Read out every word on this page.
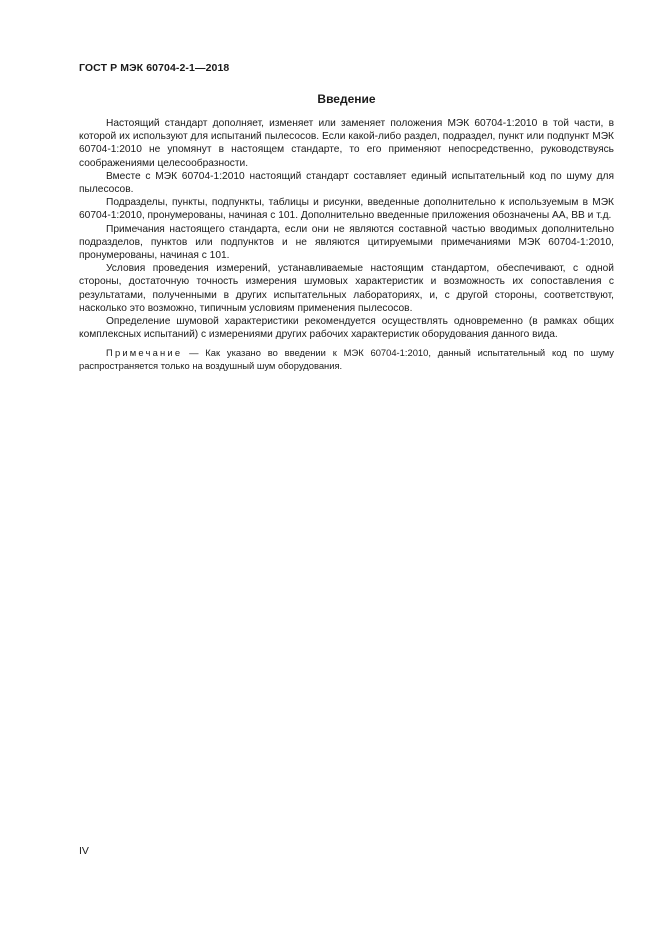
ГОСТ Р МЭК 60704-2-1—2018
Введение

Настоящий стандарт дополняет, изменяет или заменяет положения МЭК 60704-1:2010 в той части, в которой их используют для испытаний пылесосов. Если какой-либо раздел, подраздел, пункт или подпункт МЭК 60704-1:2010 не упомянут в настоящем стандарте, то его применяют непосредственно, руководствуясь соображениями целесообразности.

Вместе с МЭК 60704-1:2010 настоящий стандарт составляет единый испытательный код по шуму для пылесосов.

Подразделы, пункты, подпункты, таблицы и рисунки, введенные дополнительно к используемым в МЭК 60704-1:2010, пронумерованы, начиная с 101. Дополнительно введенные приложения обозначены АА, ВВ и т.д.

Примечания настоящего стандарта, если они не являются составной частью вводимых дополнительно подразделов, пунктов или подпунктов и не являются цитируемыми примечаниями МЭК 60704-1:2010, пронумерованы, начиная с 101.

Условия проведения измерений, устанавливаемые настоящим стандартом, обеспечивают, с одной стороны, достаточную точность измерения шумовых характеристик и возможность их сопоставления с результатами, полученными в других испытательных лабораториях, и, с другой стороны, соответствуют, насколько это возможно, типичным условиям применения пылесосов.

Определение шумовой характеристики рекомендуется осуществлять одновременно (в рамках общих комплексных испытаний) с измерениями других рабочих характеристик оборудования данного вида.

Примечание — Как указано во введении к МЭК 60704-1:2010, данный испытательный код по шуму распространяется только на воздушный шум оборудования.

IV
